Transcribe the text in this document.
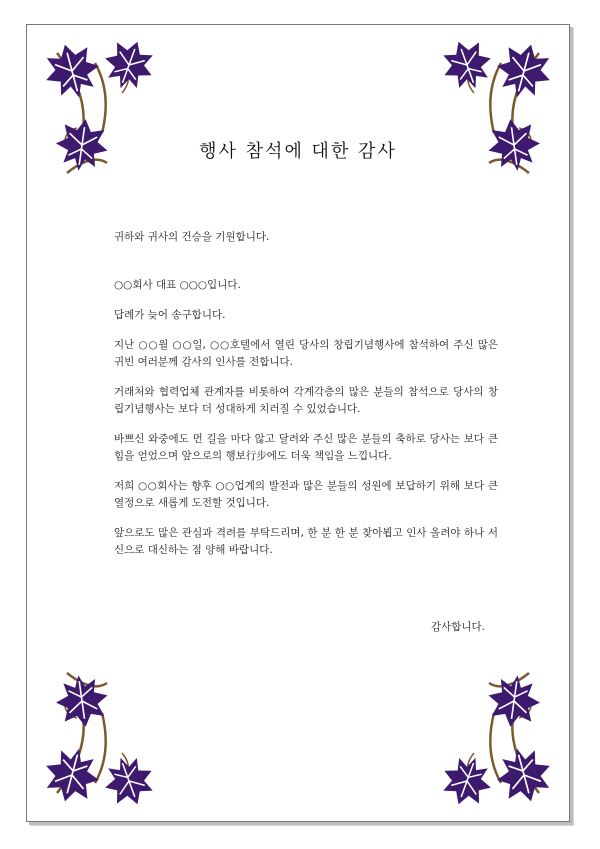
행사 참석에 대한 감사

귀하와 귀사의 건승을 기원합니다.

○○회사 대표 ○○○입니다.

답례가 늦어 송구합니다.

지난 ○○월 ○○일, ○○호텔에서 열린 당사의 창립기념행사에 참석하여 주신 많은 귀빈 여러분께 감사의 인사를 전합니다.

거래처와 협력업체 관계자를 비롯하여 각계각층의 많은 분들의 참석으로 당사의 창립기념행사는 보다 더 성대하게 치러질 수 있었습니다.

바쁘신 와중에도 먼 길을 마다 않고 달려와 주신 많은 분들의 축하로 당사는 보다 큰 힘을 얻었으며 앞으로의 행보行步에도 더욱 책임을 느낍니다.

저희 ○○회사는 향후 ○○업계의 발전과 많은 분들의 성원에 보답하기 위해 보다 큰 열정으로 새롭게 도전할 것입니다.

앞으로도 많은 관심과 격려를 부탁드리며, 한 분 한 분 찾아뵙고 인사 올려야 하나 서신으로 대신하는 점 양해 바랍니다.

감사합니다.
